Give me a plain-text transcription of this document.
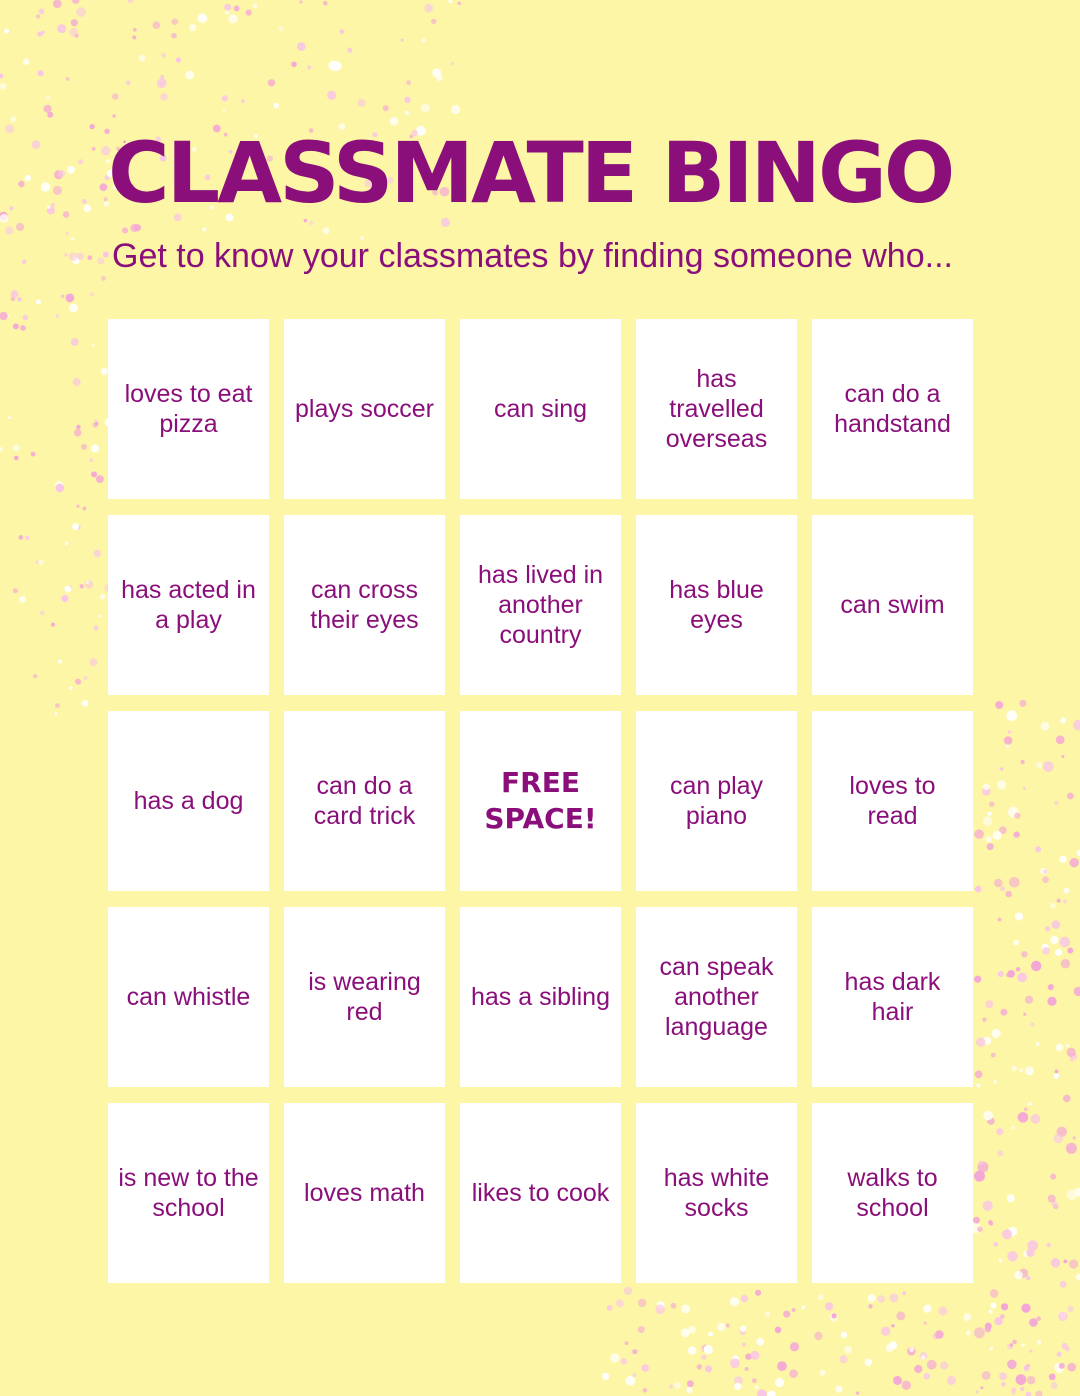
CLASSMATE BINGO

Get to know your classmates by finding someone who...

loves to eat pizza
plays soccer	can sing
has travelled overseas
can do a handstand
has acted in a play
can cross their eyes
has lived in another country
has blue eyes
can swim
has a dog
can do a card trick
FREE SPACE!
can play piano
loves to read
can whistle
is wearing red
has a sibling
can speak another language
has dark hair
is new to the school
loves math	likes to cook
has white socks
walks to school
